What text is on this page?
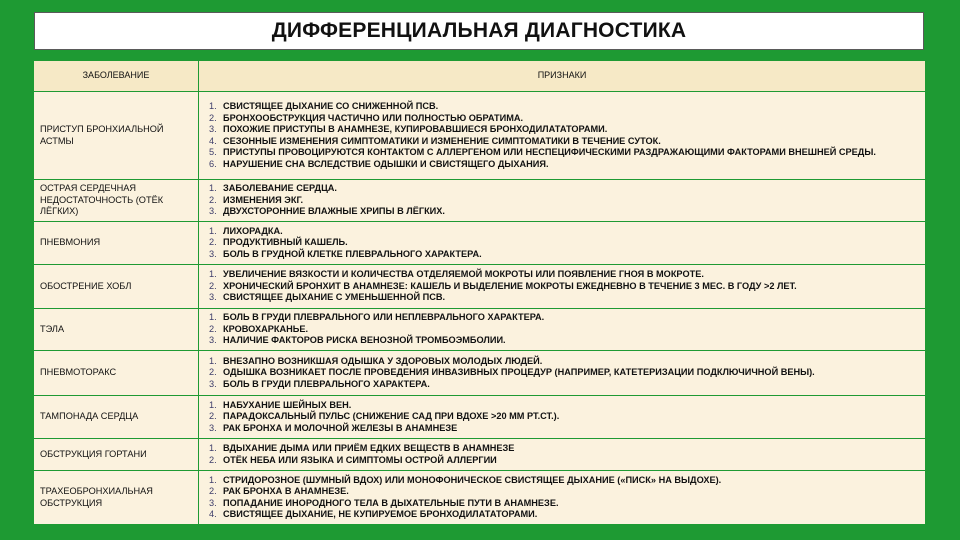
ДИФФЕРЕНЦИАЛЬНАЯ ДИАГНОСТИКА
ЗАБОЛЕВАНИЕ	ПРИЗНАКИ
ПРИСТУП БРОНХИАЛЬНОЙ АСТМЫ
1. СВИСТЯЩЕЕ ДЫХАНИЕ СО СНИЖЕННОЙ ПСВ.
2. БРОНХООБСТРУКЦИЯ ЧАСТИЧНО ИЛИ ПОЛНОСТЬЮ ОБРАТИМА.
3. ПОХОЖИЕ ПРИСТУПЫ В АНАМНЕЗЕ, КУПИРОВАВШИЕСЯ БРОНХОДИЛАТАТОРАМИ.
4. СЕЗОННЫЕ ИЗМЕНЕНИЯ СИМПТОМАТИКИ И ИЗМЕНЕНИЕ СИМПТОМАТИКИ В ТЕЧЕНИЕ СУТОК.
5. ПРИСТУПЫ ПРОВОЦИРУЮТСЯ КОНТАКТОМ С АЛЛЕРГЕНОМ ИЛИ НЕСПЕЦИФИЧЕСКИМИ РАЗДРАЖАЮЩИМИ ФАКТОРАМИ ВНЕШНЕЙ СРЕДЫ.
6. НАРУШЕНИЕ СНА ВСЛЕДСТВИЕ ОДЫШКИ И СВИСТЯЩЕГО ДЫХАНИЯ.
ОСТРАЯ СЕРДЕЧНАЯ НЕДОСТАТОЧНОСТЬ (ОТЁК ЛЁГКИХ)
1. ЗАБОЛЕВАНИЕ СЕРДЦА.
2. ИЗМЕНЕНИЯ ЭКГ.
3. ДВУХСТОРОННИЕ ВЛАЖНЫЕ ХРИПЫ В ЛЁГКИХ.
ПНЕВМОНИЯ
1. ЛИХОРАДКА.
2. ПРОДУКТИВНЫЙ КАШЕЛЬ.
3. БОЛЬ В ГРУДНОЙ КЛЕТКЕ ПЛЕВРАЛЬНОГО ХАРАКТЕРА.
ОБОСТРЕНИЕ ХОБЛ
1. УВЕЛИЧЕНИЕ ВЯЗКОСТИ И КОЛИЧЕСТВА ОТДЕЛЯЕМОЙ МОКРОТЫ ИЛИ ПОЯВЛЕНИЕ ГНОЯ В МОКРОТЕ.
2. ХРОНИЧЕСКИЙ БРОНХИТ В АНАМНЕЗЕ: КАШЕЛЬ И ВЫДЕЛЕНИЕ МОКРОТЫ ЕЖЕДНЕВНО В ТЕЧЕНИЕ 3 МЕС. В ГОДУ >2 ЛЕТ.
3. СВИСТЯЩЕЕ ДЫХАНИЕ С УМЕНЬШЕННОЙ ПСВ.
ТЭЛА
1. БОЛЬ В ГРУДИ ПЛЕВРАЛЬНОГО ИЛИ НЕПЛЕВРАЛЬНОГО ХАРАКТЕРА.
2. КРОВОХАРКАНЬЕ.
3. НАЛИЧИЕ ФАКТОРОВ РИСКА ВЕНОЗНОЙ ТРОМБОЭМБОЛИИ.
ПНЕВМОТОРАКС
1. ВНЕЗАПНО ВОЗНИКШАЯ ОДЫШКА У ЗДОРОВЫХ МОЛОДЫХ ЛЮДЕЙ.
2. ОДЫШКА ВОЗНИКАЕТ ПОСЛЕ ПРОВЕДЕНИЯ ИНВАЗИВНЫХ ПРОЦЕДУР (НАПРИМЕР, КАТЕТЕРИЗАЦИИ ПОДКЛЮЧИЧНОЙ ВЕНЫ).
3. БОЛЬ В ГРУДИ ПЛЕВРАЛЬНОГО ХАРАКТЕРА.
ТАМПОНАДА СЕРДЦА
1. НАБУХАНИЕ ШЕЙНЫХ ВЕН.
2. ПАРАДОКСАЛЬНЫЙ ПУЛЬС (СНИЖЕНИЕ САД ПРИ ВДОХЕ >20 ММ РТ.СТ.).
3. РАК БРОНХА И МОЛОЧНОЙ ЖЕЛЕЗЫ В АНАМНЕЗЕ
ОБСТРУКЦИЯ ГОРТАНИ
1. ВДЫХАНИЕ ДЫМА ИЛИ ПРИЁМ ЕДКИХ ВЕЩЕСТВ В АНАМНЕЗЕ
2. ОТЁК НЕБА ИЛИ ЯЗЫКА И СИМПТОМЫ ОСТРОЙ АЛЛЕРГИИ
ТРАХЕОБРОНХИАЛЬНАЯ ОБСТРУКЦИЯ
1. СТРИДОРОЗНОЕ (ШУМНЫЙ ВДОХ) ИЛИ МОНОФОНИЧЕСКОЕ СВИСТЯЩЕЕ ДЫХАНИЕ («ПИСК» НА ВЫДОХЕ).
2. РАК БРОНХА В АНАМНЕЗЕ.
3. ПОПАДАНИЕ ИНОРОДНОГО ТЕЛА В ДЫХАТЕЛЬНЫЕ ПУТИ В АНАМНЕЗЕ.
4. СВИСТЯЩЕЕ ДЫХАНИЕ, НЕ КУПИРУЕМОЕ БРОНХОДИЛАТАТОРАМИ.
